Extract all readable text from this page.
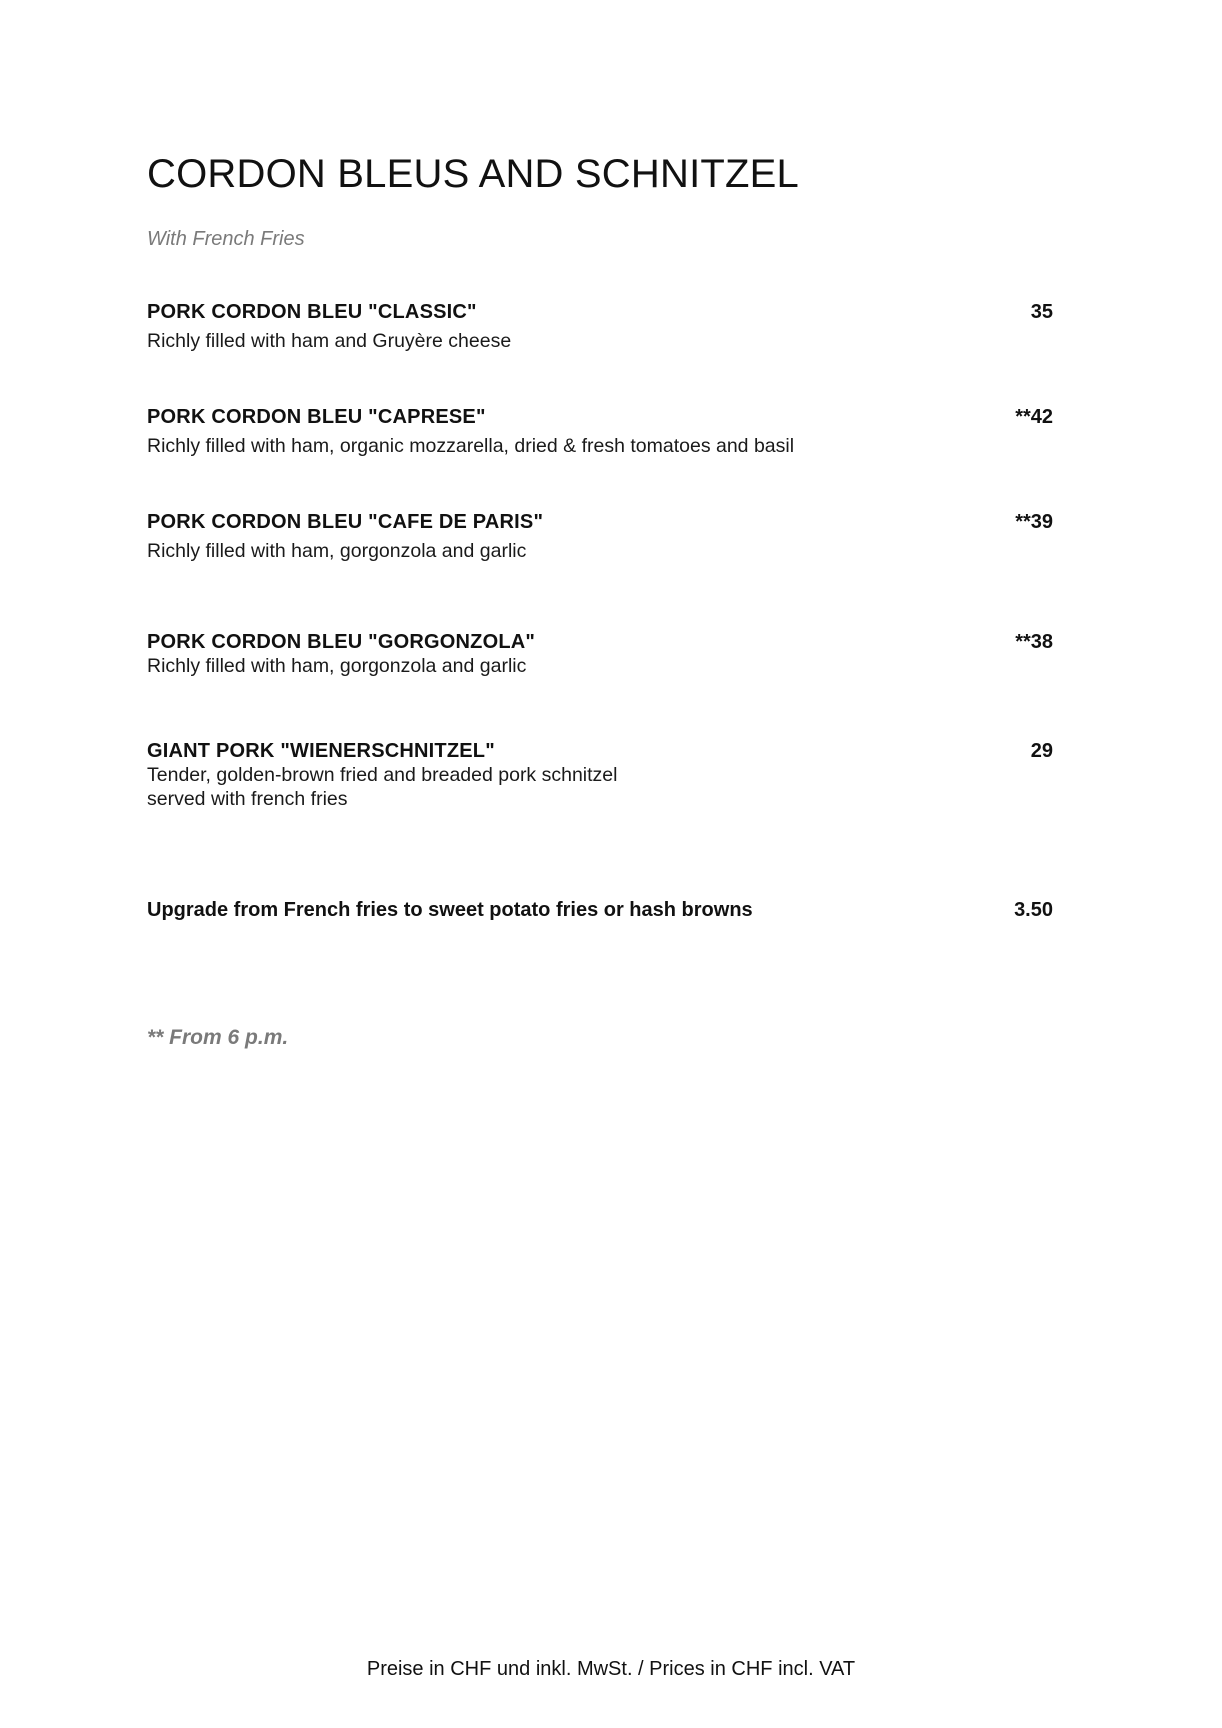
CORDON BLEUS AND SCHNITZEL
With French Fries
PORK CORDON BLEU "CLASSIC"	35
Richly filled with ham and Gruyère cheese
PORK CORDON BLEU "CAPRESE"	**42
Richly filled with ham, organic mozzarella, dried & fresh tomatoes and basil
PORK CORDON BLEU "CAFE DE PARIS"	**39
Richly filled with ham, gorgonzola and garlic
PORK CORDON BLEU "GORGONZOLA"	**38
Richly filled with ham, gorgonzola and garlic
GIANT PORK "WIENERSCHNITZEL"	29
Tender, golden-brown fried and breaded pork schnitzel
served with french fries
Upgrade from French fries to sweet potato fries or hash browns	3.50
** From 6 p.m.
Preise in CHF und inkl. MwSt. / Prices in CHF incl. VAT
